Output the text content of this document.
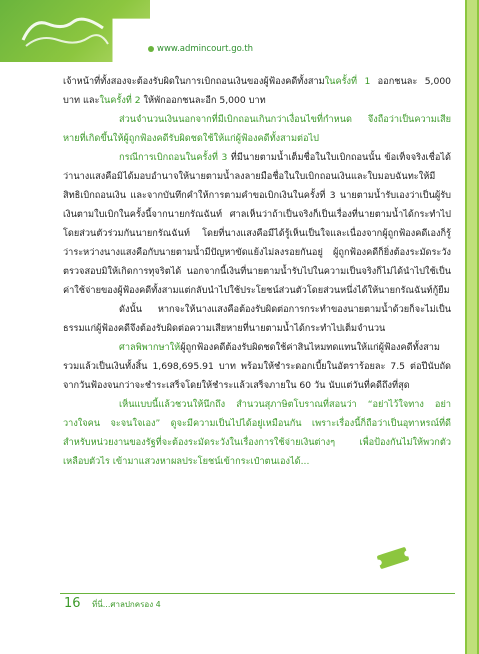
www.admincourt.go.th

เจ้าหน้าที่ทั้งสองจะต้องรับผิดในการเบิกถอนเงินของผู้ฟ้องคดีทั้งสามในครั้งที่ 1 ออกชนละ 5,000 บาท และในครั้งที่ 2 ให้พักออกชนละอีก 5,000 บาท

ส่วนจำนวนเงินนอกจากที่มีเบิกถอนเกินกว่าเงื่อนไขที่กำหนด จึงถือว่าเป็นความเสียหายที่เกิดขึ้นให้ผู้ถูกฟ้องคดีรับผิดชดใช้ให้แก่ผู้ฟ้องคดีทั้งสามต่อไป

กรณีการเบิกถอนในครั้งที่ 3 ที่มีนายตามน้ำเต็มชื่อในใบเบิกถอนนั้น ข้อเท็จจริงเชื่อได้ว่านางแสงคือมิได้มอบอำนาจให้นายตามน้ำลงลายมือชื่อในใบเบิกถอนเงินและใบมอบฉันทะให้มีสิทธิเบิกถอนเงิน และจากบันทึกคำให้การตามคำขอเบิกเงินในครั้งที่ 3 นายตามน้ำรับเองว่าเป็นผู้รับเงินตามใบเบิกในครั้งนี้จากนายกรัณฉันท์ ศาลเห็นว่าถ้าเป็นจริงก็เป็นเรื่องที่นายตามน้ำได้กระทำไปโดยส่วนตัวร่วมกันนายกรัณฉันท์ โดยที่นางแสงคือมีได้รู้เห็นเป็นใจและเนื่องจากผู้ถูกฟ้องคดีเองก็รู้ว่าระหว่างนางแสงคือกับนายตามน้ำมีปัญหาขัดแย้งไม่ลงรอยกันอยู่ ผู้ถูกฟ้องคดีก็ยิ่งต้องระมัดระวังตรวจสอบมิให้เกิดการทุจริตได้ นอกจากนี้เงินที่นายตามน้ำรับไปในความเป็นจริงก็ไม่ได้นำไปใช้เป็นค่าใช้จ่ายของผู้ฟ้องคดีทั้งสามแต่กลับนำไปใช้ประโยชน์ส่วนตัวโดยส่วนหนึ่งได้ให้นายกรัณฉันท์กู้ยืม

ดังนั้น หากจะให้นางแสงคือต้องรับผิดต่อการกระทำของนายตามน้ำด้วยก็จะไม่เป็นธรรมแก่ผู้ฟ้องคดีจึงต้องรับผิดต่อความเสียหายที่นายตามน้ำได้กระทำไปเต็มจำนวน

ศาลพิพากษาให้ผู้ถูกฟ้องคดีต้องรับผิดชดใช้ค่าสินไหมทดแทนให้แก่ผู้ฟ้องคดีทั้งสามรวมแล้วเป็นเงินทั้งสิ้น 1,698,695.91 บาท พร้อมให้ชำระดอกเบี้ยในอัตราร้อยละ 7.5 ต่อปีนับถัดจากวันฟ้องจนกว่าจะชำระเสร็จโดยให้ชำระแล้วเสร็จภายใน 60 วัน นับแต่วันที่คดีถึงที่สุด

เห็นแบบนี้แล้วชวนให้นึกถึง สำนวนสุภาษิตโบราณที่สอนว่า “อย่าไว้ใจทาง อย่าวางใจคน จะจนใจเอง” ดูจะมีความเป็นไปได้อยู่เหมือนกัน เพราะเรื่องนี้ก็ถือว่าเป็นอุทาหรณ์ที่ดีสำหรับหน่วยงานของรัฐที่จะต้องระมัดระวังในเรื่องการใช้จ่ายเงินต่างๆ เพื่อป้องกันไม่ให้พวกตัวเหลือบตัวไร เข้ามาแสวงหาผลประโยชน์เข้ากระเป๋าตนเองได้...

16 ที่นี่...ศาลปกครอง 4
